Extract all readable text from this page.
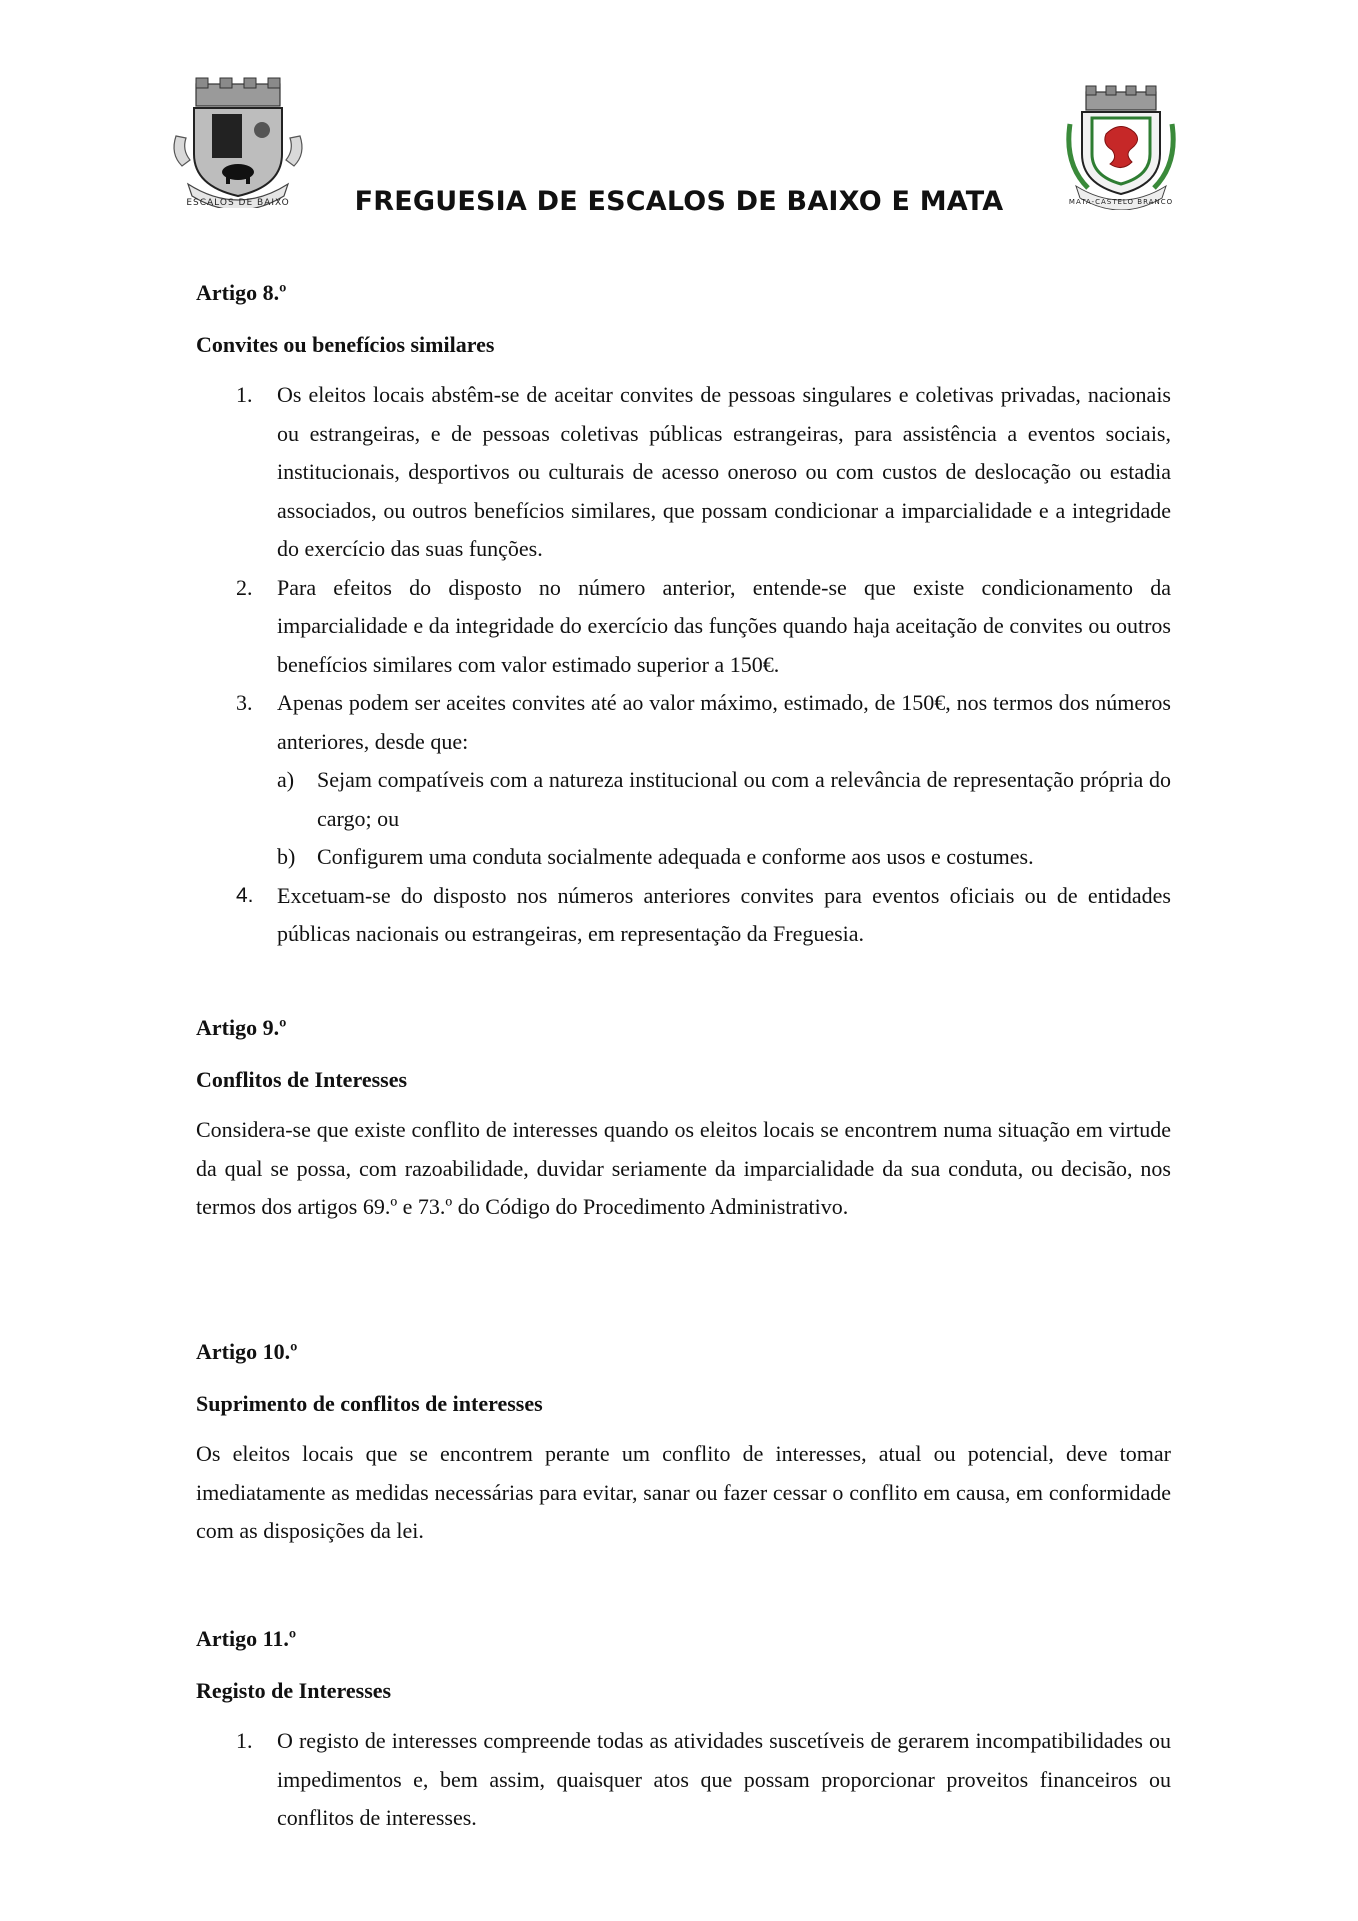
ESCALOS DE BAIXO	MATA-CASTELO BRANCO
FREGUESIA DE ESCALOS DE BAIXO E MATA

Artigo 8.º

Convites ou benefícios similares

1. Os eleitos locais abstêm-se de aceitar convites de pessoas singulares e coletivas privadas, nacionais ou estrangeiras, e de pessoas coletivas públicas estrangeiras, para assistência a eventos sociais, institucionais, desportivos ou culturais de acesso oneroso ou com custos de deslocação ou estadia associados, ou outros benefícios similares, que possam condicionar a imparcialidade e a integridade do exercício das suas funções.
2. Para efeitos do disposto no número anterior, entende-se que existe condicionamento da imparcialidade e da integridade do exercício das funções quando haja aceitação de convites ou outros benefícios similares com valor estimado superior a 150€.
3. Apenas podem ser aceites convites até ao valor máximo, estimado, de 150€, nos termos dos números anteriores, desde que:
a) Sejam compatíveis com a natureza institucional ou com a relevância de representação própria do cargo; ou
b) Configurem uma conduta socialmente adequada e conforme aos usos e costumes.
4. Excetuam-se do disposto nos números anteriores convites para eventos oficiais ou de entidades públicas nacionais ou estrangeiras, em representação da Freguesia.

Artigo 9.º

Conflitos de Interesses

Considera-se que existe conflito de interesses quando os eleitos locais se encontrem numa situação em virtude da qual se possa, com razoabilidade, duvidar seriamente da imparcialidade da sua conduta, ou decisão, nos termos dos artigos 69.º e 73.º do Código do Procedimento Administrativo.

Artigo 10.º

Suprimento de conflitos de interesses

Os eleitos locais que se encontrem perante um conflito de interesses, atual ou potencial, deve tomar imediatamente as medidas necessárias para evitar, sanar ou fazer cessar o conflito em causa, em conformidade com as disposições da lei.

Artigo 11.º

Registo de Interesses

1. O registo de interesses compreende todas as atividades suscetíveis de gerarem incompatibilidades ou impedimentos e, bem assim, quaisquer atos que possam proporcionar proveitos financeiros ou conflitos de interesses.
